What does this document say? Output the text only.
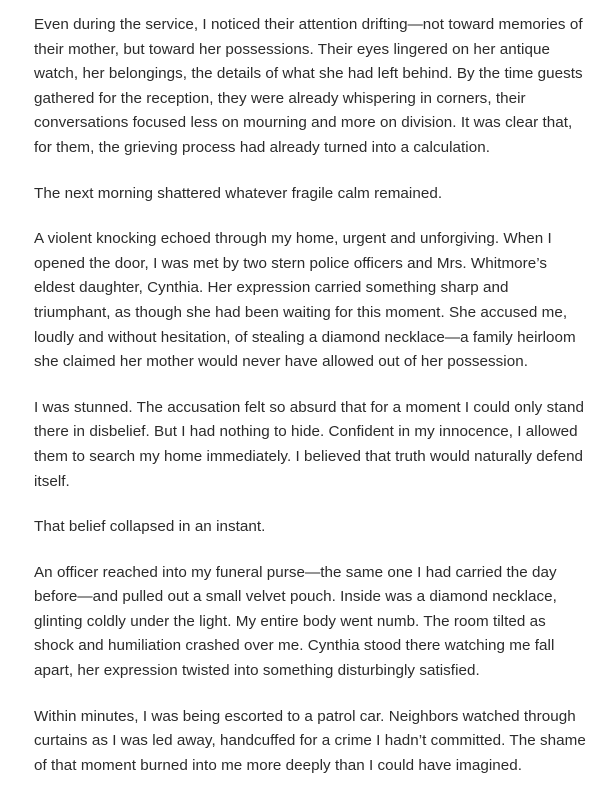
Even during the service, I noticed their attention drifting—not toward memories of their mother, but toward her possessions. Their eyes lingered on her antique watch, her belongings, the details of what she had left behind. By the time guests gathered for the reception, they were already whispering in corners, their conversations focused less on mourning and more on division. It was clear that, for them, the grieving process had already turned into a calculation.

The next morning shattered whatever fragile calm remained.

A violent knocking echoed through my home, urgent and unforgiving. When I opened the door, I was met by two stern police officers and Mrs. Whitmore’s eldest daughter, Cynthia. Her expression carried something sharp and triumphant, as though she had been waiting for this moment. She accused me, loudly and without hesitation, of stealing a diamond necklace—a family heirloom she claimed her mother would never have allowed out of her possession.

I was stunned. The accusation felt so absurd that for a moment I could only stand there in disbelief. But I had nothing to hide. Confident in my innocence, I allowed them to search my home immediately. I believed that truth would naturally defend itself.

That belief collapsed in an instant.

An officer reached into my funeral purse—the same one I had carried the day before—and pulled out a small velvet pouch. Inside was a diamond necklace, glinting coldly under the light. My entire body went numb. The room tilted as shock and humiliation crashed over me. Cynthia stood there watching me fall apart, her expression twisted into something disturbingly satisfied.

Within minutes, I was being escorted to a patrol car. Neighbors watched through curtains as I was led away, handcuffed for a crime I hadn’t committed. The shame of that moment burned into me more deeply than I could have imagined.
